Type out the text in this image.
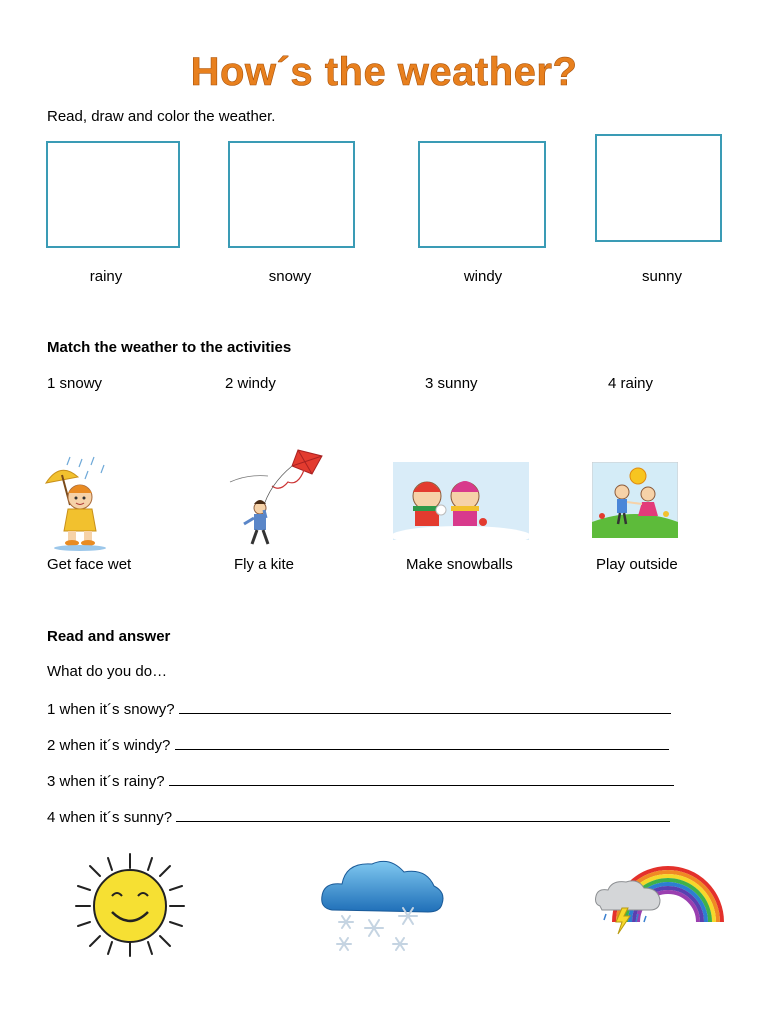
How´s the weather?
Read, draw and color the weather.
rainy	snowy	windy	sunny
Match the weather to the activities
1 snowy	2 windy	3 sunny	4 rainy
Get face wet	Fly a kite	Make snowballs	Play outside
Read and answer
What do you do…
1 when it´s snowy?
2 when it´s windy?
3 when it´s rainy?
4 when it´s sunny?
